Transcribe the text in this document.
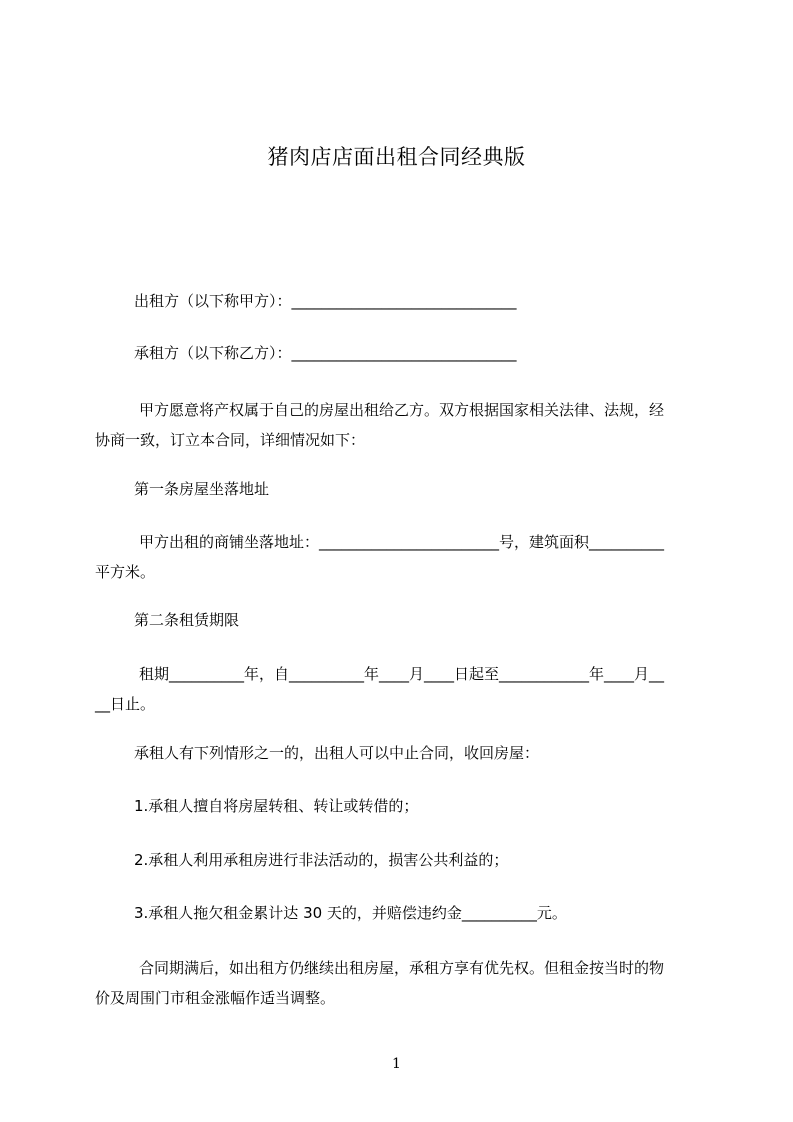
猪肉店店面出租合同经典版
出租方（以下称甲方）：______________________________
承租方（以下称乙方）：______________________________
甲方愿意将产权属于自己的房屋出租给乙方。双方根据国家相关法律、法规，经
协商一致，订立本合同，详细情况如下：
第一条房屋坐落地址
甲方出租的商铺坐落地址：________________________号，建筑面积__________
平方米。
第二条租赁期限
租期__________年，自__________年____月____日起至____________年____月__
__日止。
承租人有下列情形之一的，出租人可以中止合同，收回房屋：
1.承租人擅自将房屋转租、转让或转借的；
2.承租人利用承租房进行非法活动的，损害公共利益的；
3.承租人拖欠租金累计达 30 天的，并赔偿违约金__________元。
合同期满后，如出租方仍继续出租房屋，承租方享有优先权。但租金按当时的物
价及周围门市租金涨幅作适当调整。
1
